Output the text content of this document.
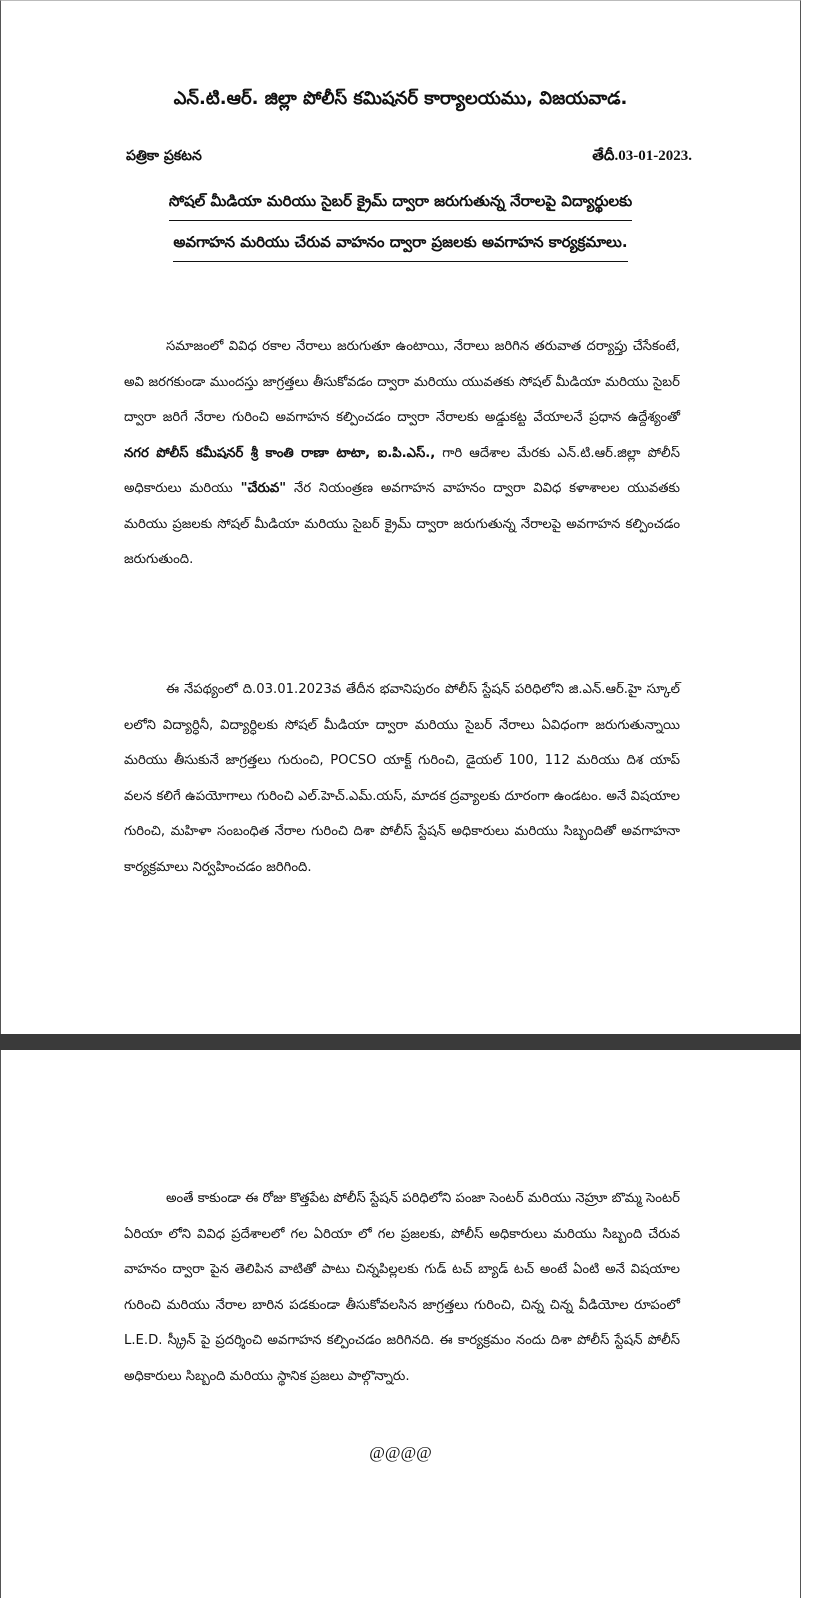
ఎన్.టి.ఆర్. జిల్లా పోలీస్ కమిషనర్ కార్యాలయము, విజయవాడ.
పత్రికా ప్రకటన	తేదీ.03-01-2023.
సోషల్ మీడియా మరియు సైబర్ క్రైమ్ ద్వారా జరుగుతున్న నేరాలపై విద్యార్థులకు
అవగాహన మరియు చేరువ వాహనం ద్వారా ప్రజలకు అవగాహన కార్యక్రమాలు.

సమాజంలో వివిధ రకాల నేరాలు జరుగుతూ ఉంటాయి, నేరాలు జరిగిన తరువాత దర్యాప్తు చేసేకంటే, అవి జరగకుండా ముందస్తు జాగ్రత్తలు తీసుకోవడం ద్వారా మరియు యువతకు సోషల్ మీడియా మరియు సైబర్ ద్వారా జరిగే నేరాల గురించి అవగాహన కల్పించడం ద్వారా నేరాలకు అడ్డుకట్ట వేయాలనే ప్రధాన ఉద్దేశ్యంతో నగర పోలీస్ కమీషనర్ శ్రీ కాంతి రాణా టాటా, ఐ.పి.ఎస్., గారి ఆదేశాల మేరకు ఎన్.టి.ఆర్.జిల్లా పోలీస్ అధికారులు మరియు "చేరువ" నేర నియంత్రణ అవగాహన వాహనం ద్వారా వివిధ కళాశాలల యువతకు మరియు ప్రజలకు సోషల్ మీడియా మరియు సైబర్ క్రైమ్ ద్వారా జరుగుతున్న నేరాలపై అవగాహన కల్పించడం జరుగుతుంది.

ఈ నేపథ్యంలో ది.03.01.2023వ తేదీన భవానిపురం పోలీస్ స్టేషన్ పరిధిలోని జి.ఎన్.ఆర్.హై స్కూల్ లలోని విద్యార్ధినీ, విద్యార్ధిలకు సోషల్ మీడియా ద్వారా మరియు సైబర్ నేరాలు ఏవిధంగా జరుగుతున్నాయి మరియు తీసుకునే జాగ్రత్తలు గురుంచి, POCSO యాక్ట్ గురించి, డైయల్ 100, 112 మరియు దిశ యాప్ వలన కలిగే ఉపయోగాలు గురించి ఎల్.హెచ్.ఎమ్.యస్, మాదక ద్రవ్యాలకు దూరంగా ఉండటం. అనే విషయాల గురించి, మహిళా సంబంధిత నేరాల గురించి దిశా పోలీస్ స్టేషన్ అధికారులు మరియు సిబ్బందితో అవగాహనా కార్యక్రమాలు నిర్వహించడం జరిగింది.

అంతే కాకుండా ఈ రోజు కొత్తపేట పోలీస్ స్టేషన్ పరిధిలోని పంజా సెంటర్ మరియు నెహ్రూ బొమ్మ సెంటర్ ఏరియా లోని వివిధ ప్రదేశాలలో గల ఏరియా లో గల ప్రజలకు, పోలీస్ అధికారులు మరియు సిబ్బంది చేరువ వాహనం ద్వారా పైన తెలిపిన వాటితో పాటు చిన్నపిల్లలకు గుడ్ టచ్ బ్యాడ్ టచ్ అంటే ఏంటి అనే విషయాల గురించి మరియు నేరాల బారిన పడకుండా తీసుకోవలసిన జాగ్రత్తలు గురించి, చిన్న చిన్న వీడియోల రూపంలో L.E.D. స్క్రీన్ పై ప్రదర్శించి అవగాహన కల్పించడం జరిగినది. ఈ కార్యక్రమం నందు దిశా పోలీస్ స్టేషన్ పోలీస్ అధికారులు సిబ్బంది మరియు స్థానిక ప్రజలు పాల్గొన్నారు.

@@@@
